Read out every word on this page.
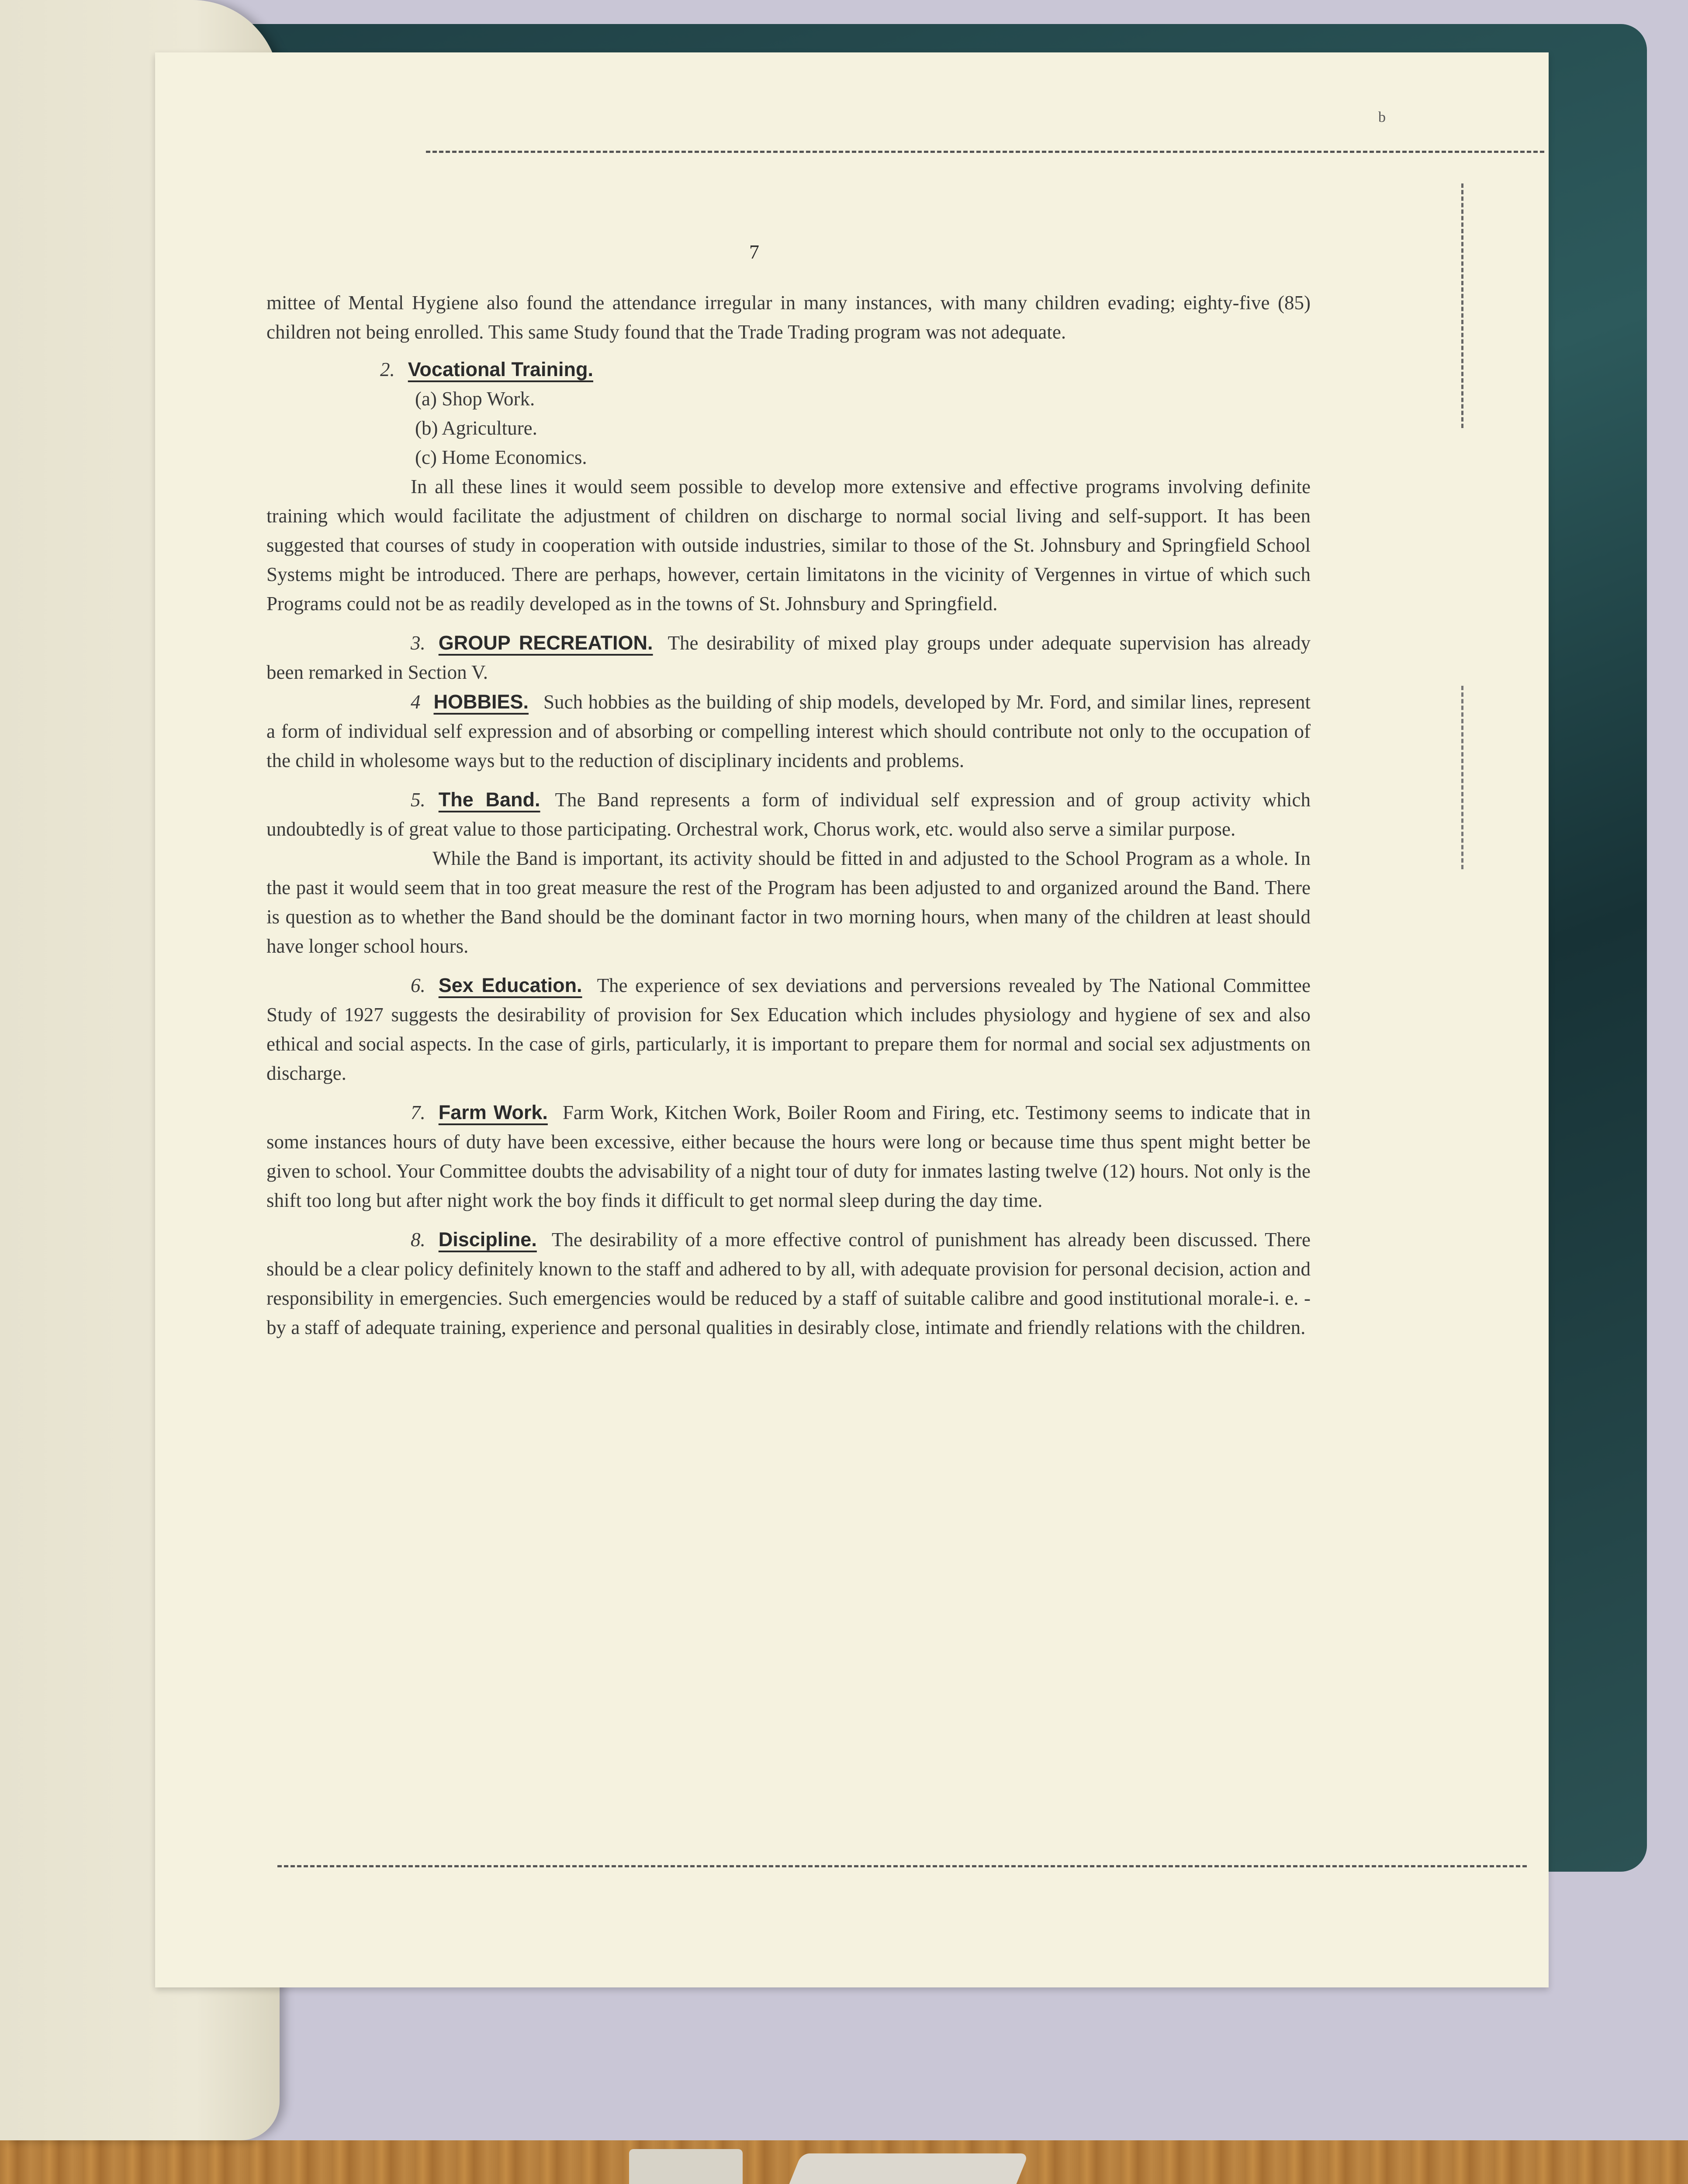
b
7

mittee of Mental Hygiene also found the attendance irregular in many instances, with many children evading; eighty-five (85) children not being enrolled. This same Study found that the Trade Trading program was not adequate.

2. Vocational Training.

(a) Shop Work.

(b) Agriculture.

(c) Home Economics.

In all these lines it would seem possible to develop more extensive and effective programs involving definite training which would facilitate the adjustment of children on discharge to normal social living and self-support. It has been suggested that courses of study in cooperation with outside industries, similar to those of the St. Johnsbury and Springfield School Systems might be introduced. There are perhaps, however, certain limitatons in the vicinity of Vergennes in virtue of which such Programs could not be as readily developed as in the towns of St. Johnsbury and Springfield.

3. GROUP RECREATION. The desirability of mixed play groups under adequate supervision has already been remarked in Section V.

4 HOBBIES. Such hobbies as the building of ship models, developed by Mr. Ford, and similar lines, represent a form of individual self expression and of absorbing or compelling interest which should contribute not only to the occupation of the child in wholesome ways but to the reduction of disciplinary incidents and problems.

5. The Band. The Band represents a form of individual self expression and of group activity which undoubtedly is of great value to those participating. Orchestral work, Chorus work, etc. would also serve a similar purpose.

While the Band is important, its activity should be fitted in and adjusted to the School Program as a whole. In the past it would seem that in too great measure the rest of the Program has been adjusted to and organized around the Band. There is question as to whether the Band should be the dominant factor in two morning hours, when many of the children at least should have longer school hours.

6. Sex Education. The experience of sex deviations and perversions revealed by The National Committee Study of 1927 suggests the desirability of provision for Sex Education which includes physiology and hygiene of sex and also ethical and social aspects. In the case of girls, particularly, it is important to prepare them for normal and social sex adjustments on discharge.

7. Farm Work. Farm Work, Kitchen Work, Boiler Room and Firing, etc. Testimony seems to indicate that in some instances hours of duty have been excessive, either because the hours were long or because time thus spent might better be given to school. Your Committee doubts the advisability of a night tour of duty for inmates lasting twelve (12) hours. Not only is the shift too long but after night work the boy finds it difficult to get normal sleep during the day time.

8. Discipline. The desirability of a more effective control of punishment has already been discussed. There should be a clear policy definitely known to the staff and adhered to by all, with adequate provision for personal decision, action and responsibility in emergencies. Such emergencies would be reduced by a staff of suitable calibre and good institutional morale-i. e. - by a staff of adequate training, experience and personal qualities in desirably close, intimate and friendly relations with the children.
